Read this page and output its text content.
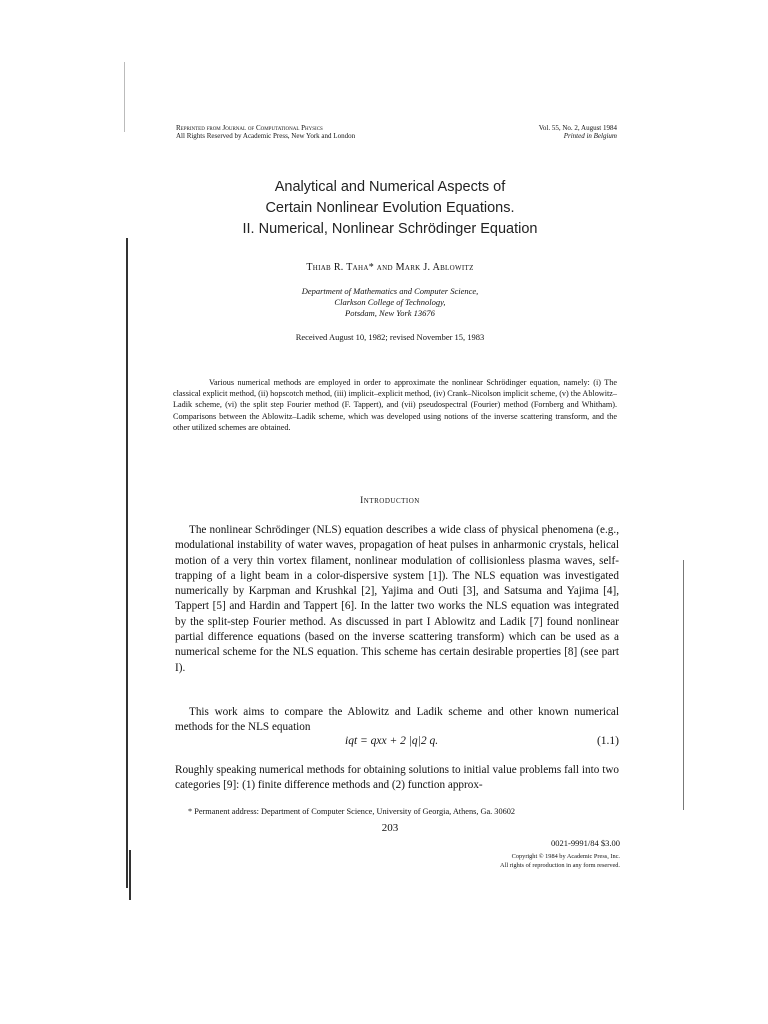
Reprinted from Journal of Computational Physics
All Rights Reserved by Academic Press, New York and London
Vol. 55, No. 2, August 1984
Printed in Belgium
Analytical and Numerical Aspects of
Certain Nonlinear Evolution Equations.
II. Numerical, Nonlinear Schrödinger Equation
Thiab R. Taha* and Mark J. Ablowitz
Department of Mathematics and Computer Science,
Clarkson College of Technology,
Potsdam, New York 13676
Received August 10, 1982; revised November 15, 1983
Various numerical methods are employed in order to approximate the nonlinear Schrödinger equation, namely: (i) The classical explicit method, (ii) hopscotch method, (iii) implicit–explicit method, (iv) Crank–Nicolson implicit scheme, (v) the Ablowitz–Ladik scheme, (vi) the split step Fourier method (F. Tappert), and (vii) pseudospectral (Fourier) method (Fornberg and Whitham). Comparisons between the Ablowitz–Ladik scheme, which was developed using notions of the inverse scattering transform, and the other utilized schemes are obtained.
Introduction
The nonlinear Schrödinger (NLS) equation describes a wide class of physical phenomena (e.g., modulational instability of water waves, propagation of heat pulses in anharmonic crystals, helical motion of a very thin vortex filament, nonlinear modulation of collisionless plasma waves, self-trapping of a light beam in a color-dispersive system [1]). The NLS equation was investigated numerically by Karpman and Krushkal [2], Yajima and Outi [3], and Satsuma and Yajima [4], Tappert [5] and Hardin and Tappert [6]. In the latter two works the NLS equation was integrated by the split-step Fourier method. As discussed in part I Ablowitz and Ladik [7] found nonlinear partial difference equations (based on the inverse scattering transform) which can be used as a numerical scheme for the NLS equation. This scheme has certain desirable properties [8] (see part I).
This work aims to compare the Ablowitz and Ladik scheme and other known numerical methods for the NLS equation
iqt = qxx + 2 |q|2 q.	(1.1)
Roughly speaking numerical methods for obtaining solutions to initial value problems fall into two categories [9]: (1) finite difference methods and (2) function approx-
* Permanent address: Department of Computer Science, University of Georgia, Athens, Ga. 30602
203
0021-9991/84 $3.00
Copyright © 1984 by Academic Press, Inc.
All rights of reproduction in any form reserved.
